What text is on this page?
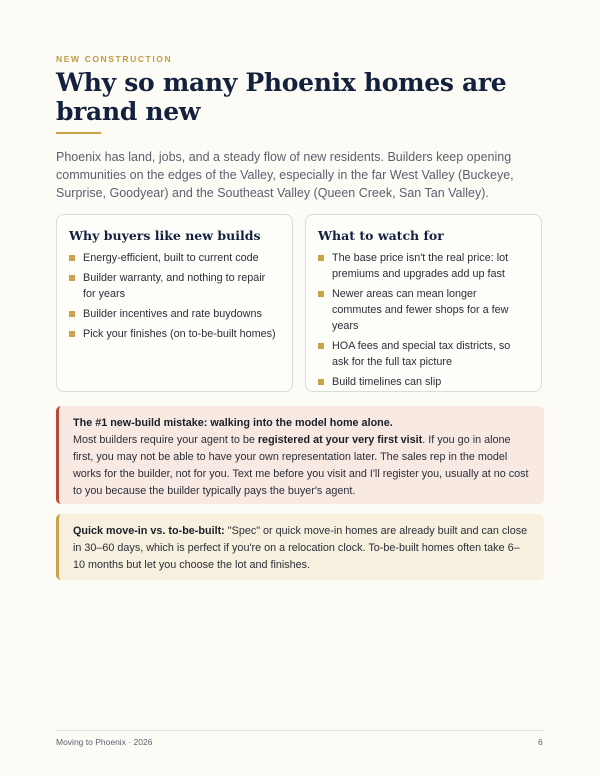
NEW CONSTRUCTION
Why so many Phoenix homes are brand new

Phoenix has land, jobs, and a steady flow of new residents. Builders keep opening communities on the edges of the Valley, especially in the far West Valley (Buckeye, Surprise, Goodyear) and the Southeast Valley (Queen Creek, San Tan Valley).

Why buyers like new builds
Energy-efficient, built to current code
Builder warranty, and nothing to repair for years
Builder incentives and rate buydowns
Pick your finishes (on to-be-built homes)
What to watch for
The base price isn't the real price: lot premiums and upgrades add up fast
Newer areas can mean longer commutes and fewer shops for a few years
HOA fees and special tax districts, so ask for the full tax picture
Build timelines can slip
The #1 new-build mistake: walking into the model home alone.
Most builders require your agent to be registered at your very first visit. If you go in alone first, you may not be able to have your own representation later. The sales rep in the model works for the builder, not for you. Text me before you visit and I'll register you, usually at no cost to you because the builder typically pays the buyer's agent.
Quick move-in vs. to-be-built: "Spec" or quick move-in homes are already built and can close in 30–60 days, which is perfect if you're on a relocation clock. To-be-built homes often take 6–10 months but let you choose the lot and finishes.
Moving to Phoenix · 2026	6
